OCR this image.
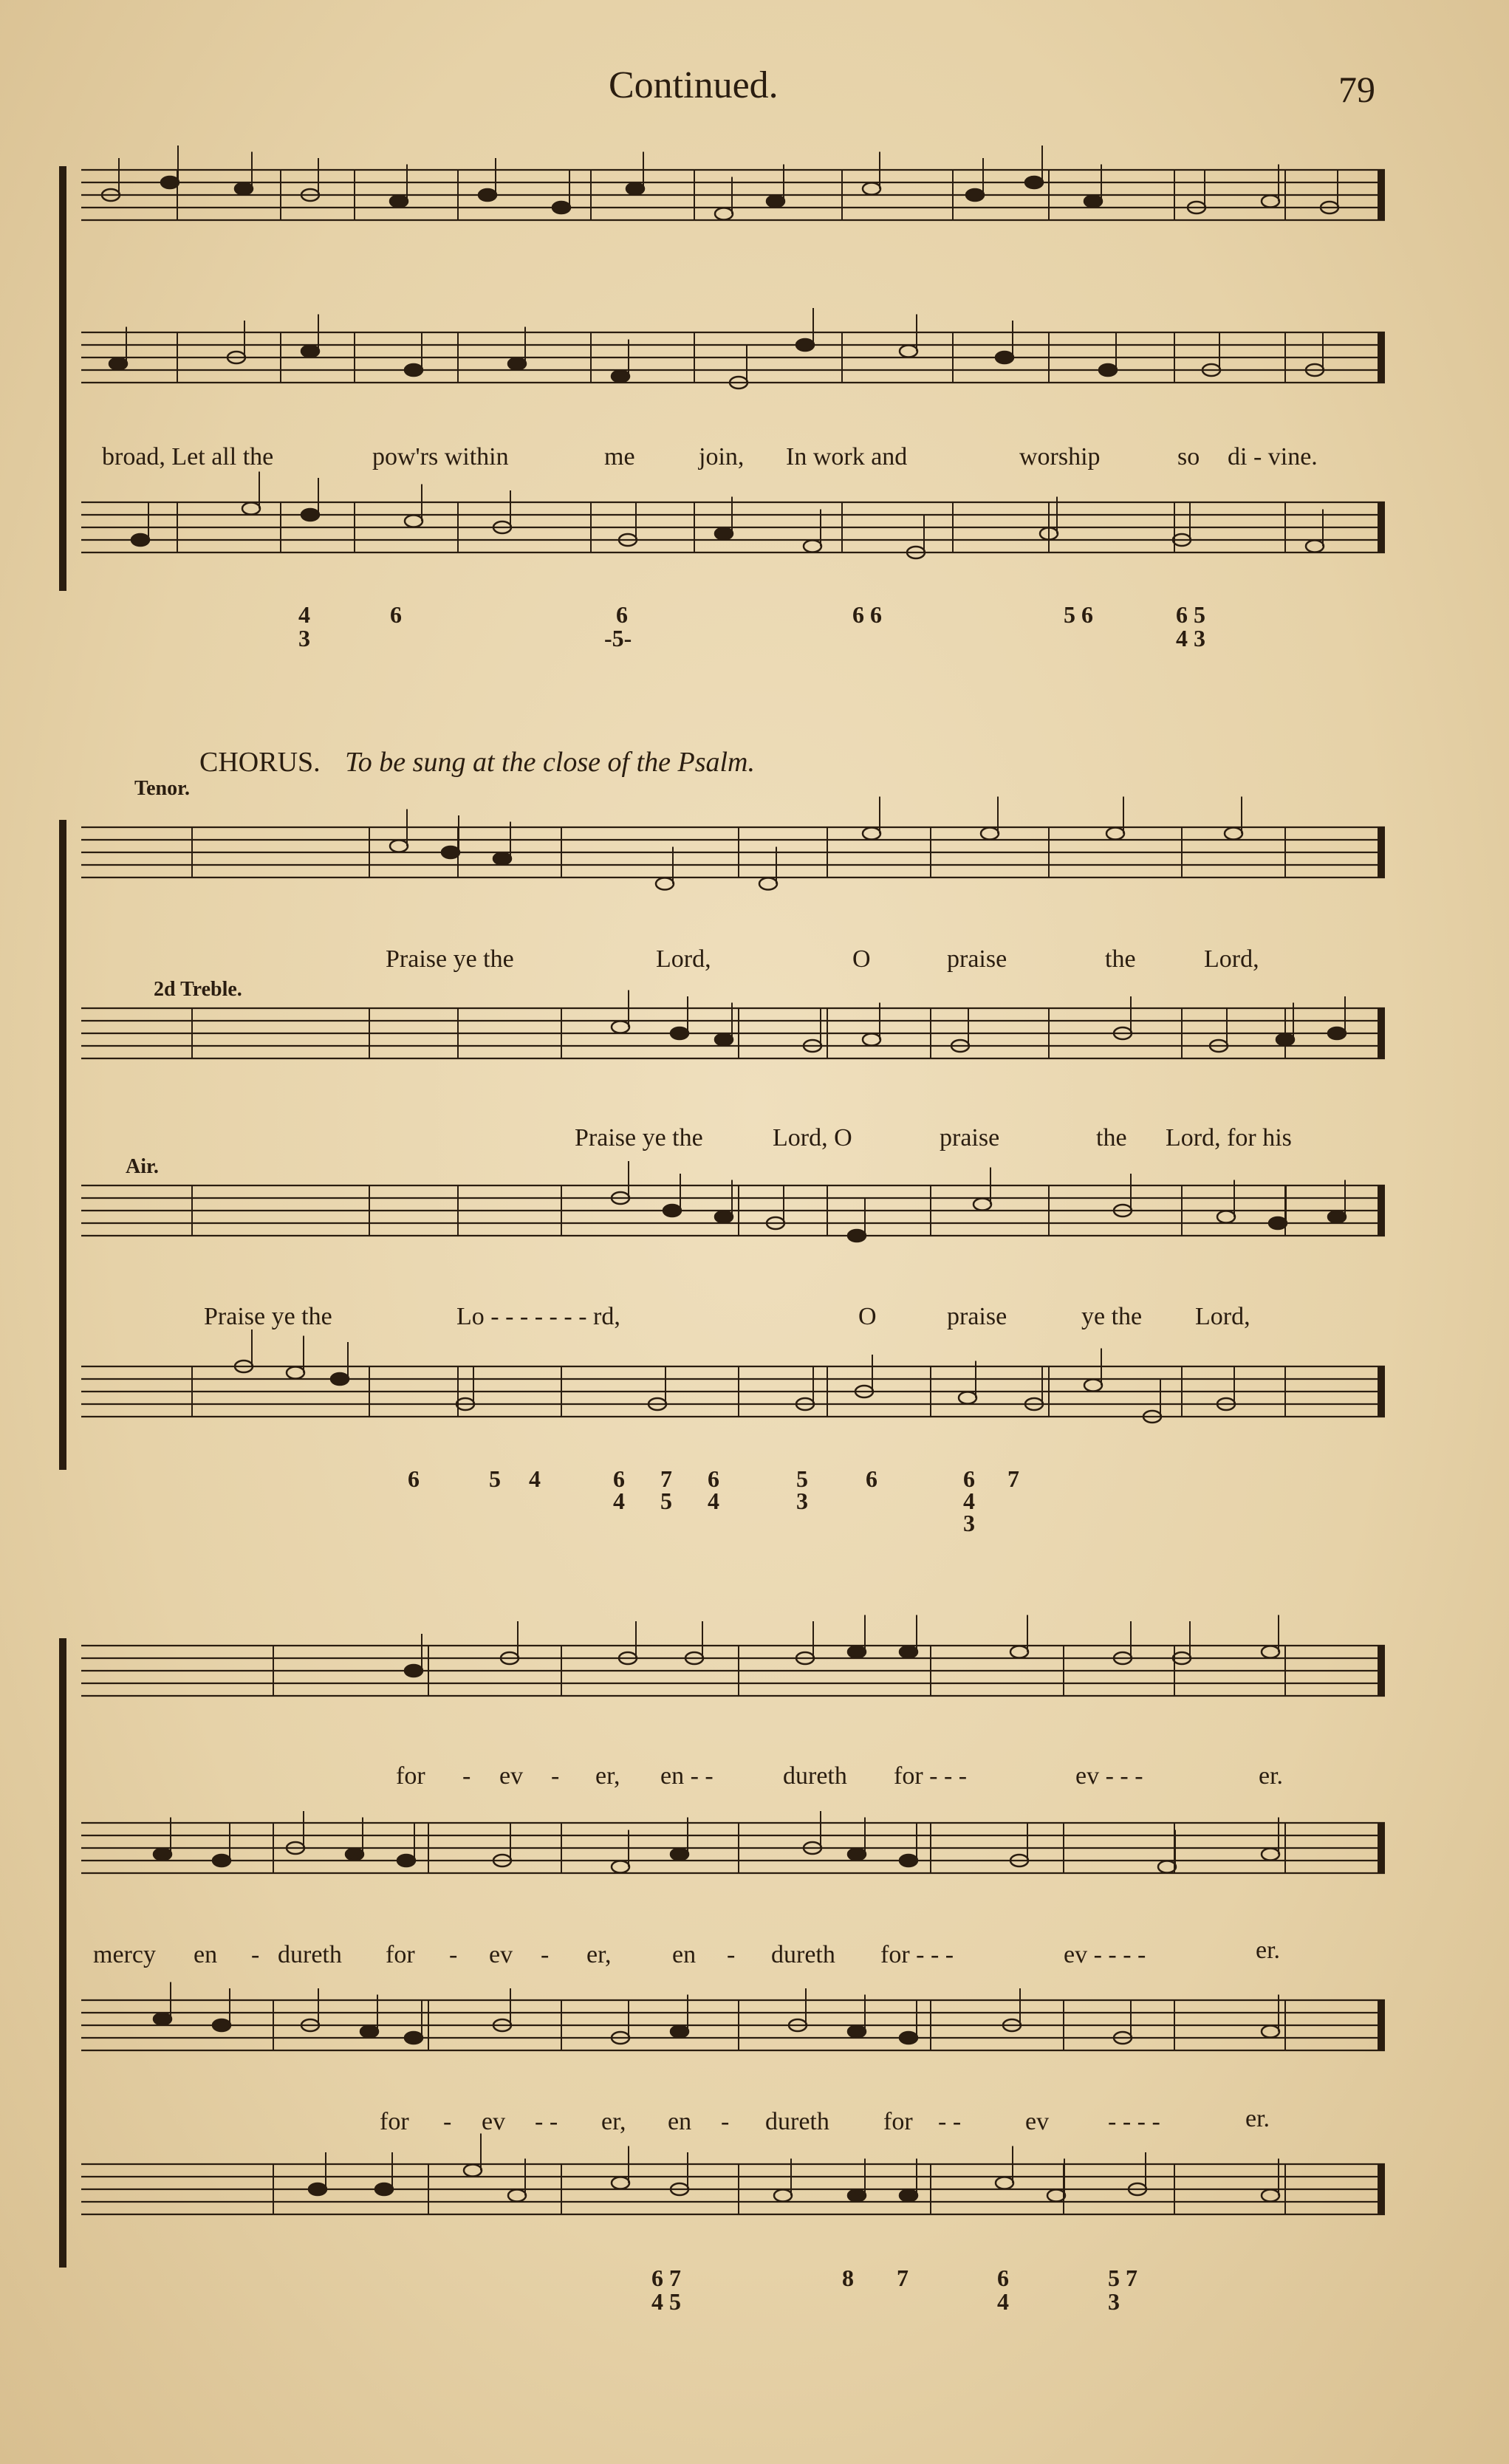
Continued.	79
broad, Let all the	pow'rs within	me	join, In work and	worship	so di - vine.
4	6	6	6 6	5 6	6 5
3	-5-	4 3
CHORUS. To be sung at the close of the Psalm.
Tenor.
2d Treble.
Air.
Praise ye the	Lord,	O	praise	the	Lord,
Praise ye the	Lord, O	praise	the Lord, for his
Praise ye the	Lo - - - - - - - rd,	O	praise	ye the Lord,
6	5 4	6 7 6	5 6	6 7
4 5 4	3	4
3
for - ev - er, en - -	dureth for - - -	ev - - -	er.
mercy en - dureth for - ev - er, en - dureth for - - -	ev - - - -	er.
for - ev - - er, en - dureth for - -	ev - - - -	er.
6 7	8 7	6	5 7
4 5	4	3
